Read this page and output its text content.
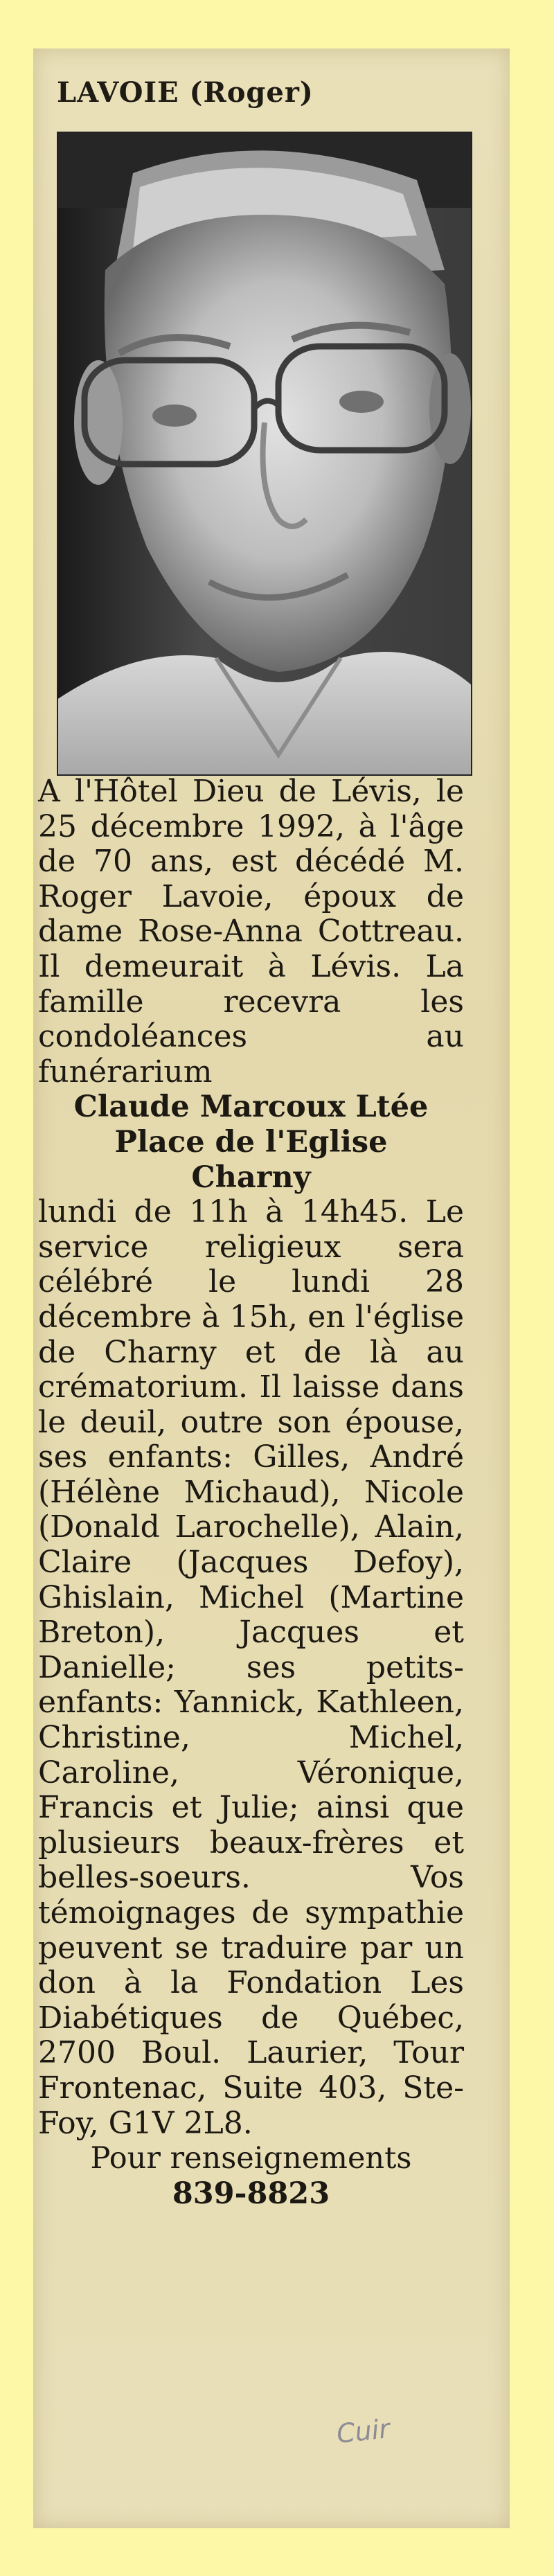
LAVOIE (Roger)

A l'Hôtel Dieu de Lévis, le 25 décembre 1992, à l'âge de 70 ans, est décédé M. Roger Lavoie, époux de dame Rose-Anna Cottreau. Il demeurait à Lévis. La famille recevra les condoléances au funérarium

Claude Marcoux Ltée
Place de l'Eglise
Charny

lundi de 11h à 14h45. Le service religieux sera célébré le lundi 28 décembre à 15h, en l'église de Charny et de là au crématorium. Il laisse dans le deuil, outre son épouse, ses enfants: Gilles, André (Hélène Michaud), Nicole (Donald Larochelle), Alain, Claire (Jacques Defoy), Ghislain, Michel (Martine Breton), Jacques et Danielle; ses petits-enfants: Yannick, Kathleen, Christine, Michel, Caroline, Véronique, Francis et Julie; ainsi que plusieurs beaux-frères et belles-soeurs. Vos témoignages de sympathie peuvent se traduire par un don à la Fondation Les Diabétiques de Québec, 2700 Boul. Laurier, Tour Frontenac, Suite 403, Ste-Foy, G1V 2L8.

Pour renseignements
839-8823
Cuir
